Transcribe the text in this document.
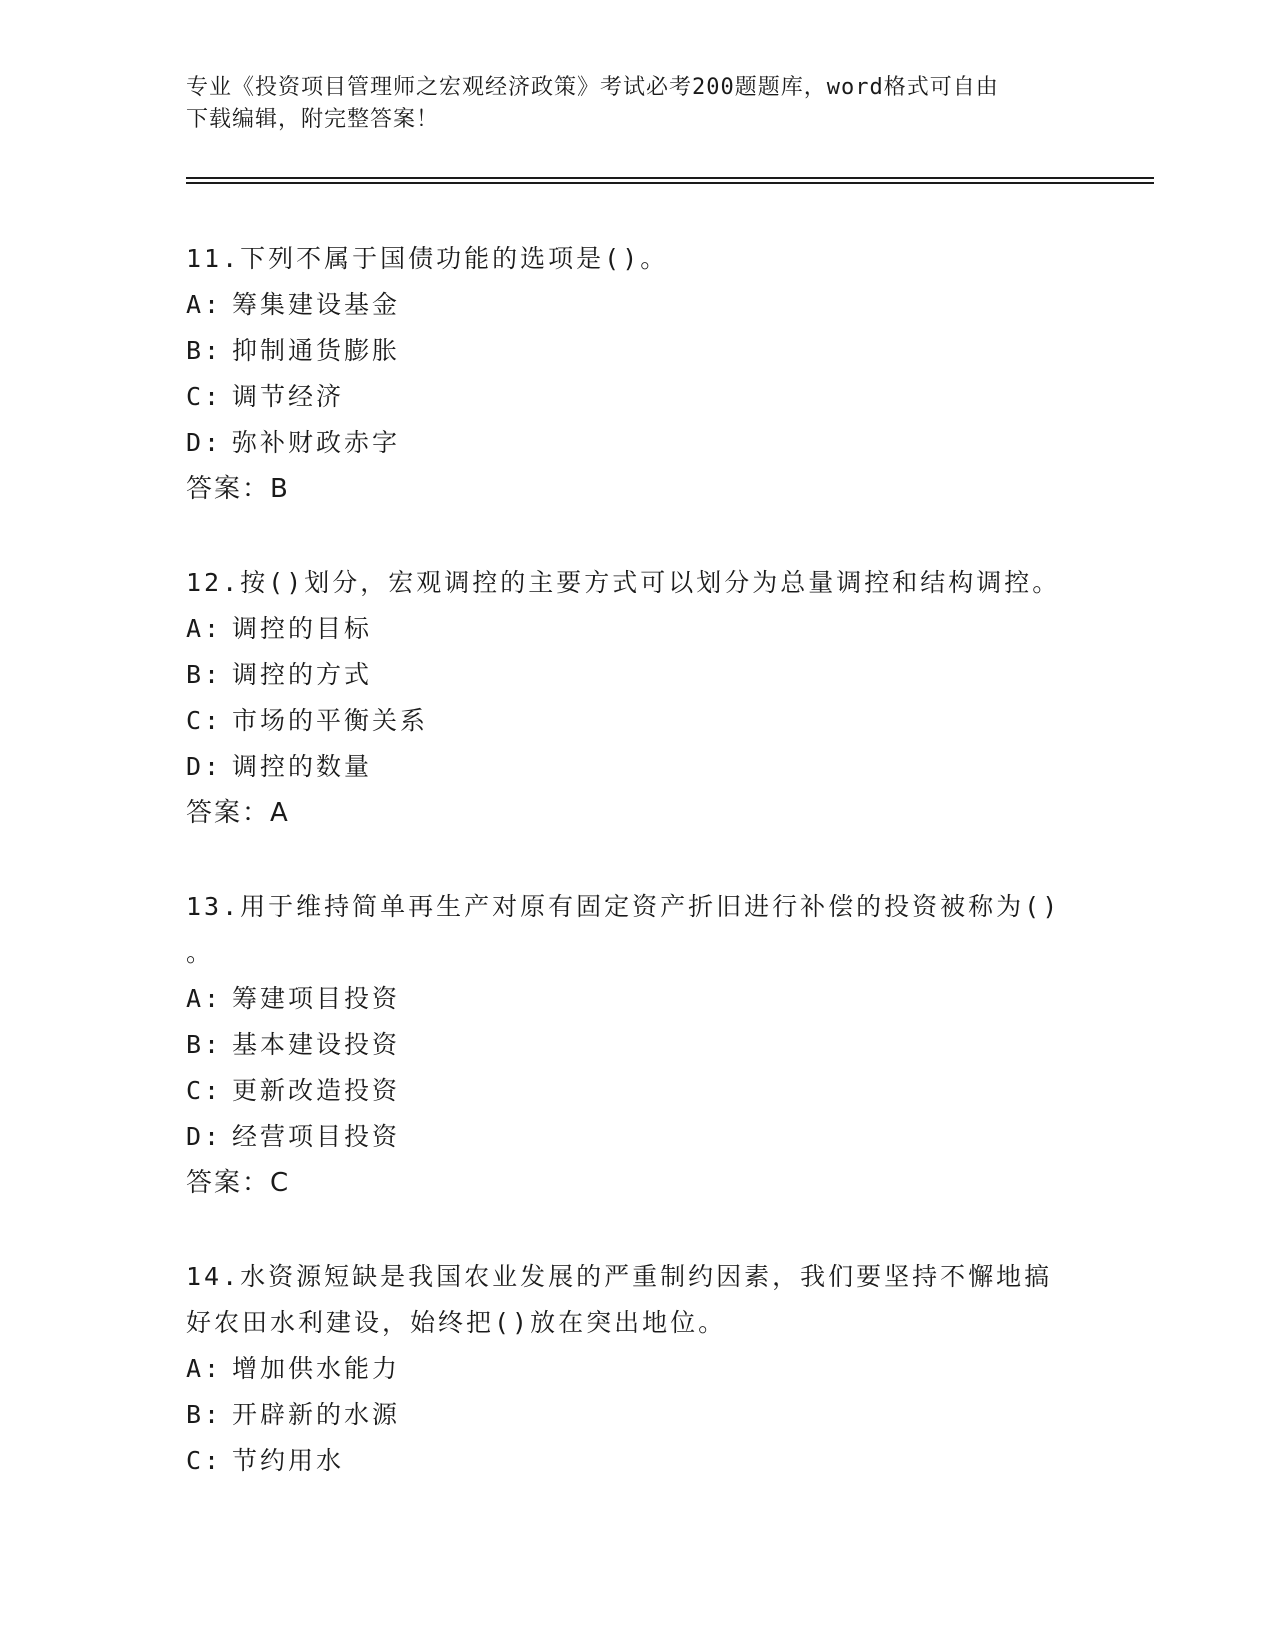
专业《投资项目管理师之宏观经济政策》考试必考200题题库，word格式可自由
下载编辑，附完整答案！
11.下列不属于国债功能的选项是()。
A: 筹集建设基金
B: 抑制通货膨胀
C: 调节经济
D: 弥补财政赤字
答案：B
12.按()划分，宏观调控的主要方式可以划分为总量调控和结构调控。
A: 调控的目标
B: 调控的方式
C: 市场的平衡关系
D: 调控的数量
答案：A
13.用于维持简单再生产对原有固定资产折旧进行补偿的投资被称为()
。
A: 筹建项目投资
B: 基本建设投资
C: 更新改造投资
D: 经营项目投资
答案：C
14.水资源短缺是我国农业发展的严重制约因素，我们要坚持不懈地搞
好农田水利建设，始终把()放在突出地位。
A: 增加供水能力
B: 开辟新的水源
C: 节约用水
